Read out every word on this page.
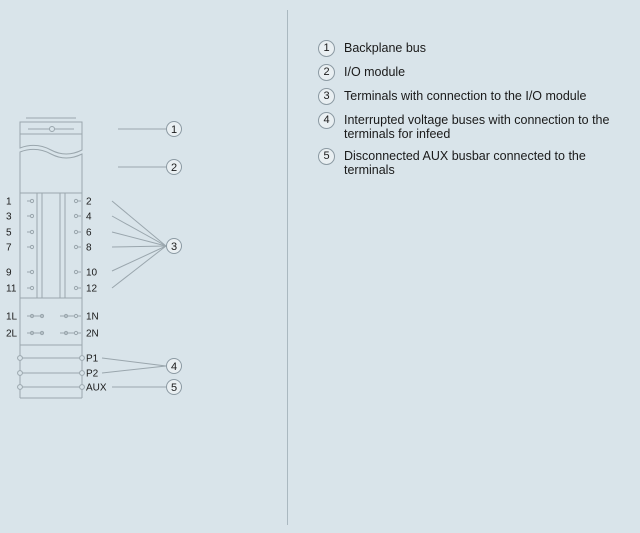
1	2
3	4
5	6
7	8
9	10
11	12
1L	1N
2L	2N
P1
P2
AUX
1
2
3
4
5
1	Backplane bus
2	I/O module
3	Terminals with connection to the I/O module
4	Interrupted voltage buses with connection to the terminals for infeed
5	Disconnected AUX busbar connected to the terminals
